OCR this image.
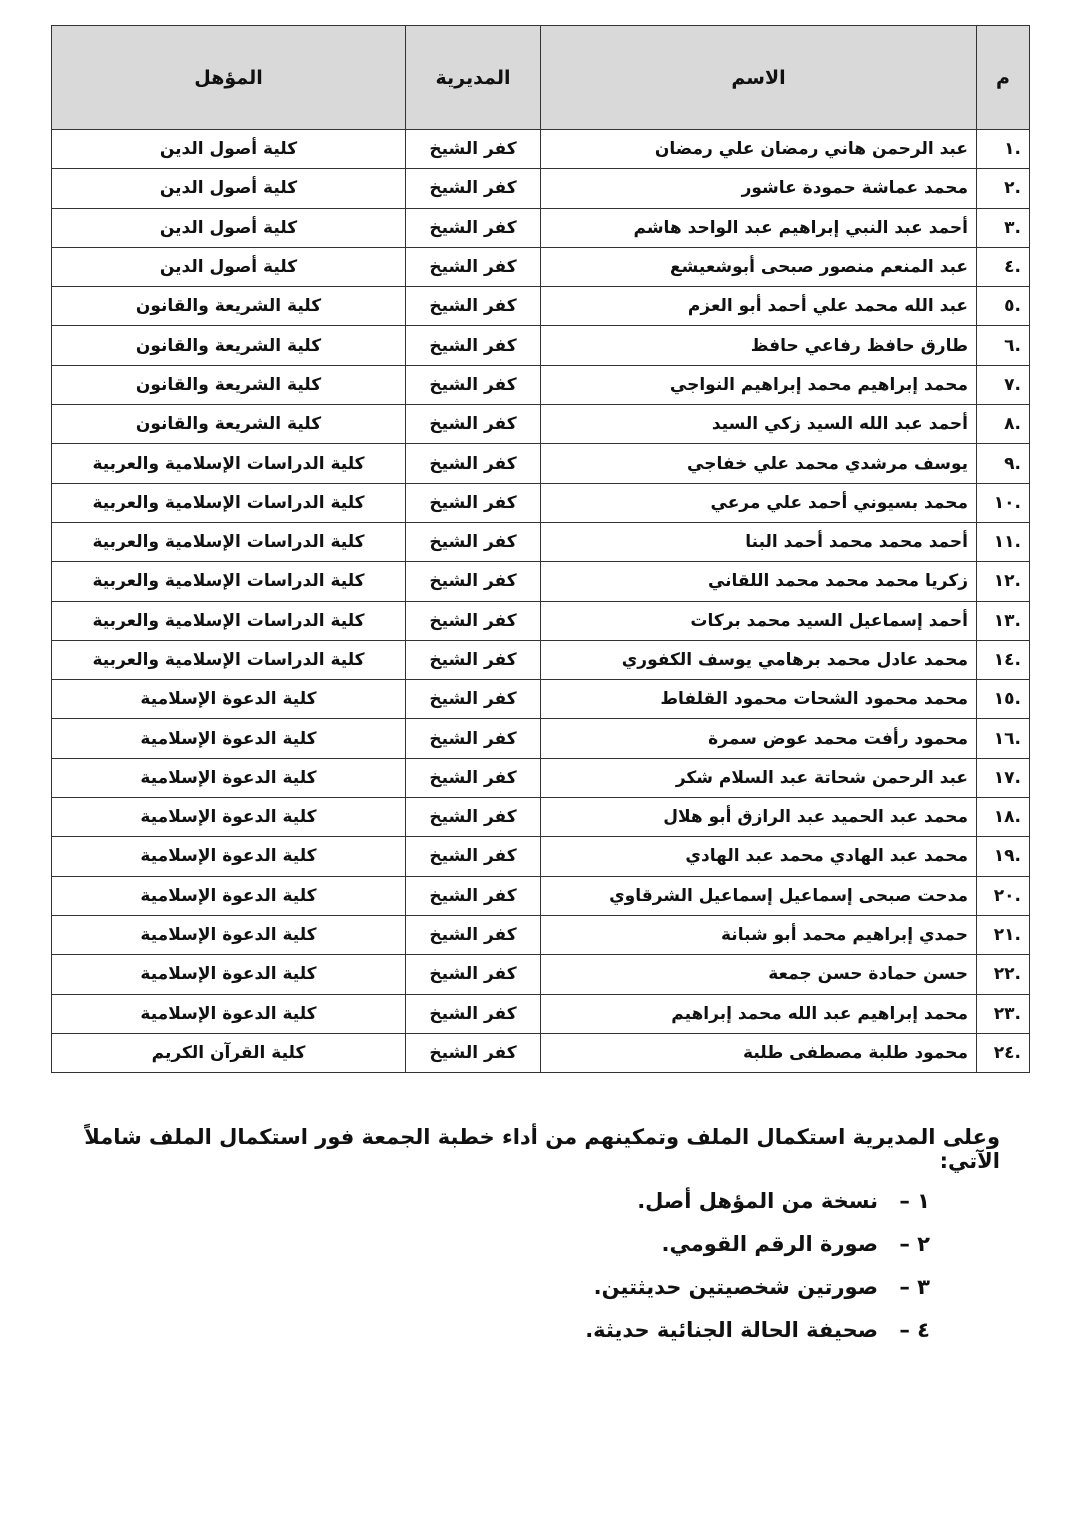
م	الاسم	المديرية	المؤهل
.١	عبد الرحمن هاني رمضان علي رمضان	كفر الشيخ	كلية أصول الدين
.٢	محمد عماشة حمودة عاشور	كفر الشيخ	كلية أصول الدين
.٣	أحمد عبد النبي إبراهيم عبد الواحد هاشم	كفر الشيخ	كلية أصول الدين
.٤	عبد المنعم منصور صبحى أبوشعيشع	كفر الشيخ	كلية أصول الدين
.٥	عبد الله محمد علي أحمد أبو العزم	كفر الشيخ	كلية الشريعة والقانون
.٦	طارق حافظ رفاعي حافظ	كفر الشيخ	كلية الشريعة والقانون
.٧	محمد إبراهيم محمد إبراهيم النواجي	كفر الشيخ	كلية الشريعة والقانون
.٨	أحمد عبد الله السيد زكي السيد	كفر الشيخ	كلية الشريعة والقانون
.٩	يوسف مرشدي محمد علي خفاجي	كفر الشيخ	كلية الدراسات الإسلامية والعربية
.١٠	محمد بسيوني أحمد علي مرعي	كفر الشيخ	كلية الدراسات الإسلامية والعربية
.١١	أحمد محمد محمد أحمد البنا	كفر الشيخ	كلية الدراسات الإسلامية والعربية
.١٢	زكريا محمد محمد محمد اللقاني	كفر الشيخ	كلية الدراسات الإسلامية والعربية
.١٣	أحمد إسماعيل السيد محمد بركات	كفر الشيخ	كلية الدراسات الإسلامية والعربية
.١٤	محمد عادل محمد برهامي يوسف الكفوري	كفر الشيخ	كلية الدراسات الإسلامية والعربية
.١٥	محمد محمود الشحات محمود القلفاط	كفر الشيخ	كلية الدعوة الإسلامية
.١٦	محمود رأفت محمد عوض سمرة	كفر الشيخ	كلية الدعوة الإسلامية
.١٧	عبد الرحمن شحاتة عبد السلام شكر	كفر الشيخ	كلية الدعوة الإسلامية
.١٨	محمد عبد الحميد عبد الرازق أبو هلال	كفر الشيخ	كلية الدعوة الإسلامية
.١٩	محمد عبد الهادي محمد عبد الهادي	كفر الشيخ	كلية الدعوة الإسلامية
.٢٠	مدحت صبحى إسماعيل إسماعيل الشرقاوي	كفر الشيخ	كلية الدعوة الإسلامية
.٢١	حمدي إبراهيم محمد أبو شبانة	كفر الشيخ	كلية الدعوة الإسلامية
.٢٢	حسن حمادة حسن جمعة	كفر الشيخ	كلية الدعوة الإسلامية
.٢٣	محمد إبراهيم عبد الله محمد إبراهيم	كفر الشيخ	كلية الدعوة الإسلامية
.٢٤	محمود طلبة مصطفى طلبة	كفر الشيخ	كلية القرآن الكريم
وعلى المديرية استكمال الملف وتمكينهم من أداء خطبة الجمعة فور استكمال الملف شاملاً الآتي:
١ –
نسخة من المؤهل أصل.
٢ –
صورة الرقم القومي.
٣ –
صورتين شخصيتين حديثتين.
٤ –
صحيفة الحالة الجنائية حديثة.
